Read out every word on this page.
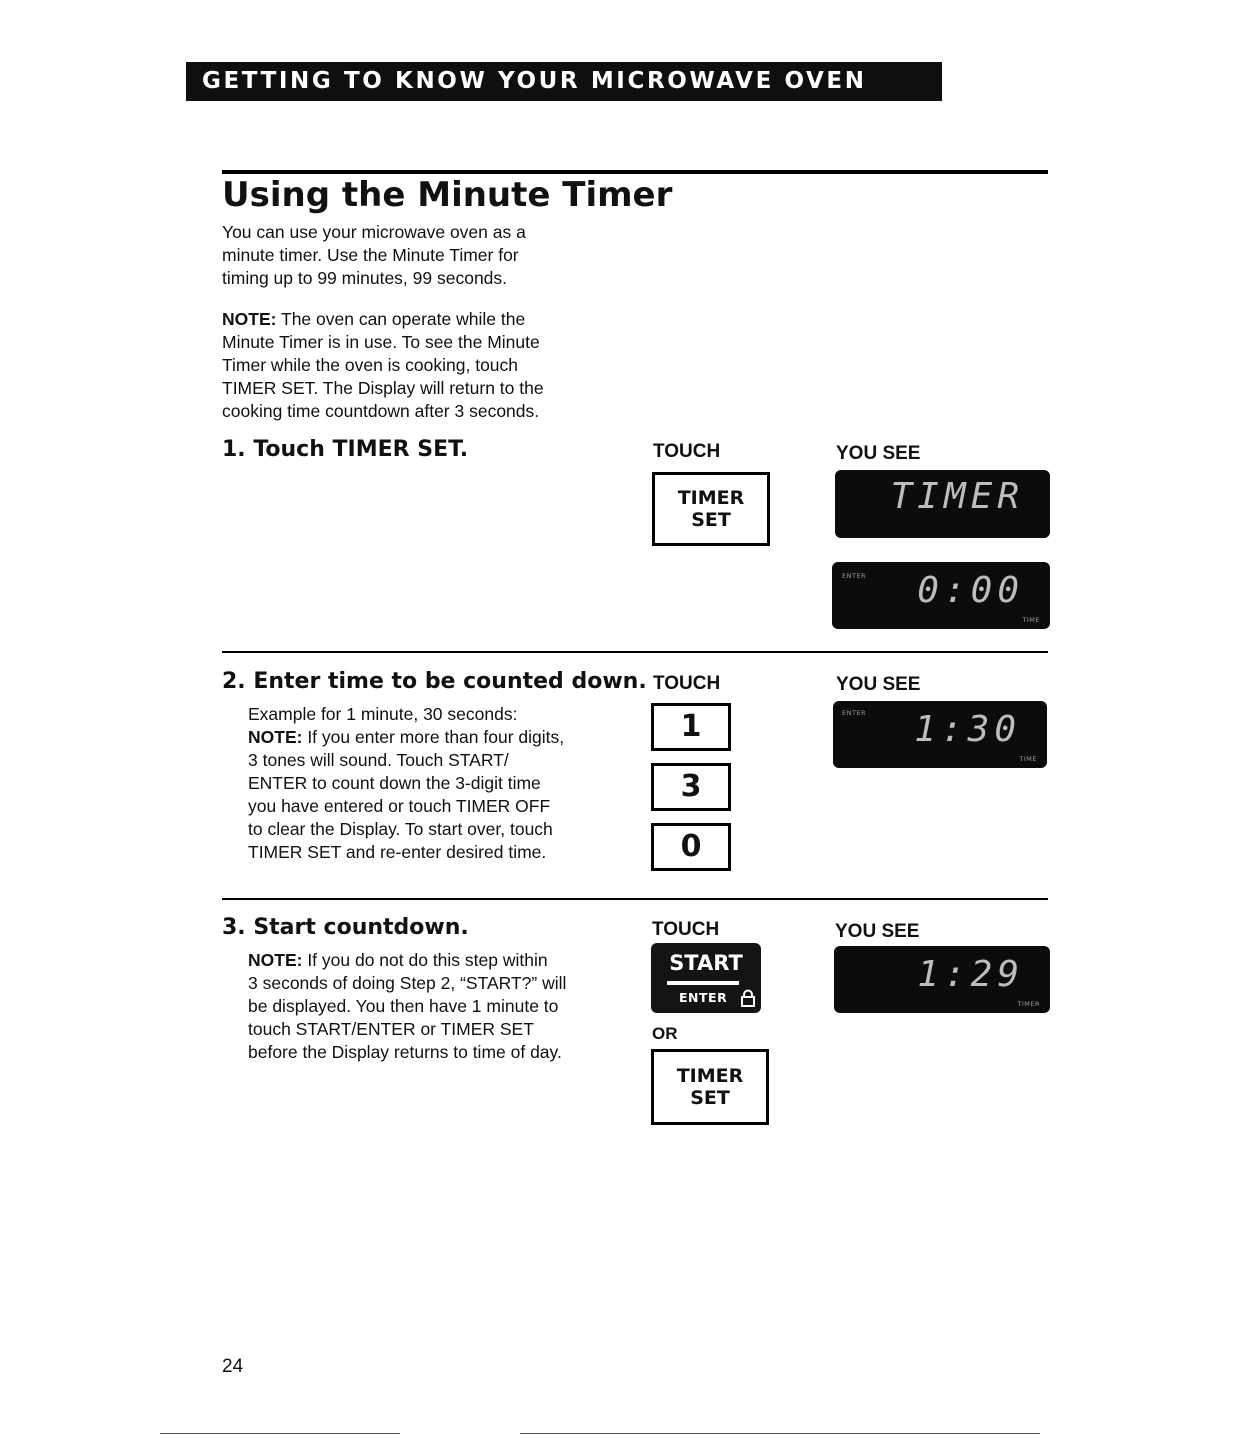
GETTING TO KNOW YOUR MICROWAVE OVEN
Using the Minute Timer

You can use your microwave oven as a
minute timer. Use the Minute Timer for
timing up to 99 minutes, 99 seconds.

NOTE: The oven can operate while the
Minute Timer is in use. To see the Minute
Timer while the oven is cooking, touch
TIMER SET. The Display will return to the
cooking time countdown after 3 seconds.

1. Touch TIMER SET.	TOUCH	YOU SEE
TIMER
SET
TIMER
ENTER 0:00
TIME
2. Enter time to be counted down. TOUCH	YOU SEE

Example for 1 minute, 30 seconds:
NOTE: If you enter more than four digits,
3 tones will sound. Touch START/
ENTER to count down the 3-digit time
you have entered or touch TIMER OFF
to clear the Display. To start over, touch
TIMER SET and re-enter desired time.

1
3
0
ENTER 1:30
TIME
3. Start countdown.	TOUCH	YOU SEE

NOTE: If you do not do this step within
3 seconds of doing Step 2, “START?” will
be displayed. You then have 1 minute to
touch START/ENTER or TIMER SET
before the Display returns to time of day.

START
ENTER
OR
TIMER
SET
1:29
TIMER
24
